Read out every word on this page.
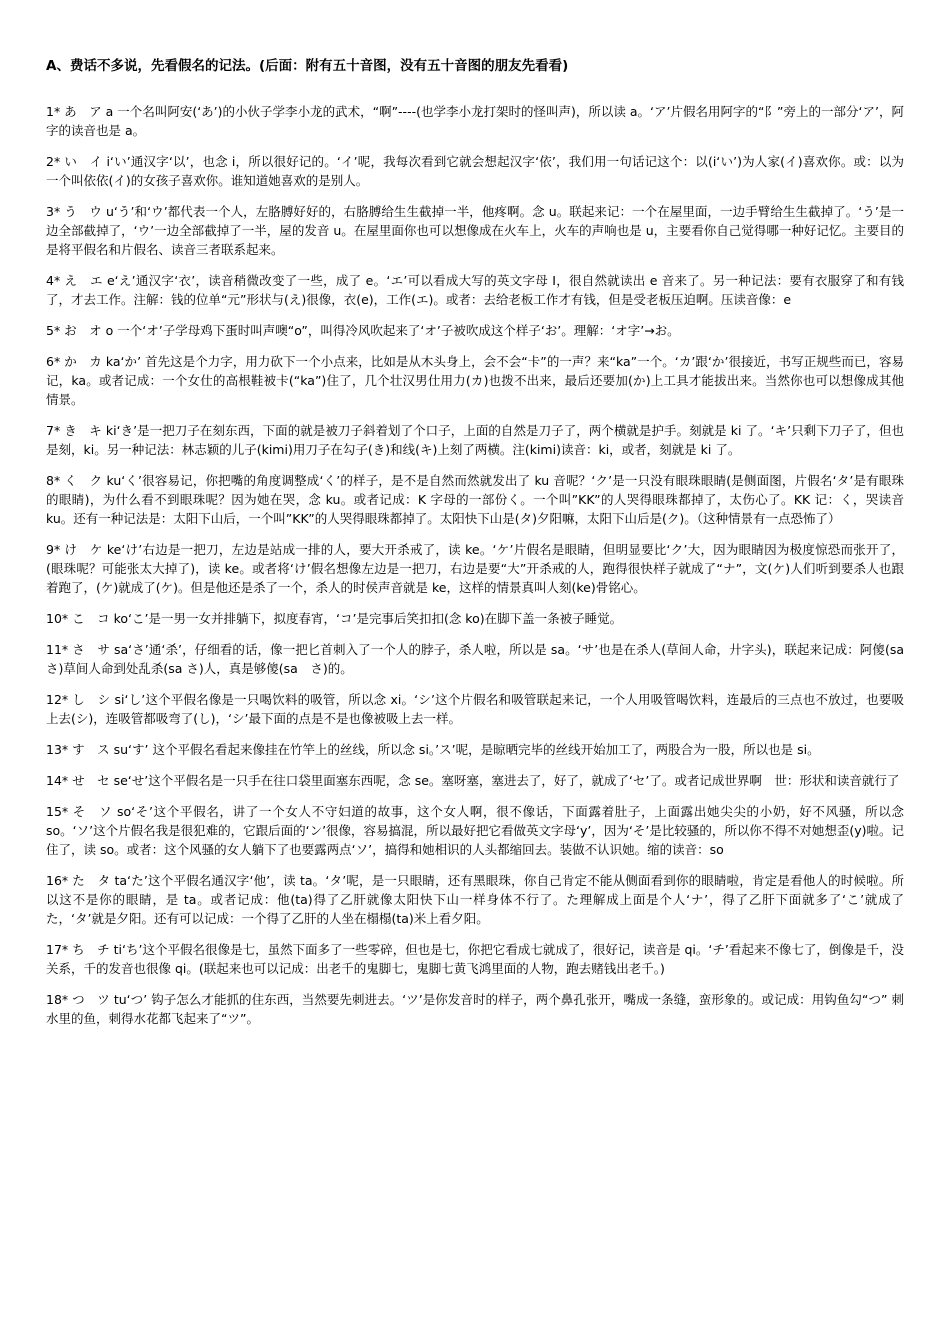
A、费话不多说，先看假名的记法。(后面：附有五十音图，没有五十音图的朋友先看看)
1* あ　ア a 一个名叫阿安(‘あ’)的小伙子学李小龙的武术，“啊”----(也学李小龙打架时的怪叫声)，所以读 a。‘ア’片假名用阿字的“阝”旁上的一部分‘ア’，阿字的读音也是 a。
2* い　イ i‘い’通汉字‘以’，也念 i，所以很好记的。‘イ’呢，我每次看到它就会想起汉字‘依’，我们用一句话记这个：以(i‘い’)为人家(イ)喜欢你。或：以为一个叫依依(イ)的女孩子喜欢你。谁知道她喜欢的是别人。
3* う　ウ u‘う’和‘ウ’都代表一个人，左胳膊好好的，右胳膊给生生截掉一半，他疼啊。念 u。联起来记：一个在屋里面，一边手臂给生生截掉了。‘う’是一边全部截掉了，‘ウ’一边全部截掉了一半，屋的发音 u。在屋里面你也可以想像成在火车上，火车的声响也是 u，主要看你自己觉得哪一种好记忆。主要目的是将平假名和片假名、读音三者联系起来。
4* え　エ e‘え’通汉字‘衣’，读音稍微改变了一些，成了 e。‘エ’可以看成大写的英文字母 I，很自然就读出 e 音来了。另一种记法：要有衣服穿了和有钱了，才去工作。注解：钱的位单“元”形状与(え)很像，衣(e)，工作(エ)。或者：去给老板工作才有钱，但是受老板压迫啊。压读音像：e
5* お　オ o 一个‘オ’子学母鸡下蛋时叫声噢“o”，叫得冷风吹起来了‘オ’子被吹成这个样子‘お’。理解：‘オ字’→お。
6* か　カ ka‘か’ 首先这是个力字，用力砍下一个小点来，比如是从木头身上，会不会“卡”的一声？来“ka”一个。‘カ’跟‘か’很接近，书写正规些而已，容易记，ka。或者记成：一个女仕的高根鞋被卡(“ka”)住了，几个壮汉男仕用力(カ)也拨不出来，最后还要加(か)上工具才能拔出来。当然你也可以想像成其他情景。
7* き　キ ki‘き’是一把刀子在刻东西，下面的就是被刀子斜着划了个口子，上面的自然是刀子了，两个横就是护手。刻就是 ki 了。‘キ’只剩下刀子了，但也是刻，ki。另一种记法：林志颖的儿子(kimi)用刀子在勾子(き)和线(キ)上刻了两横。注(kimi)读音：ki，或者，刻就是 ki 了。
8* く　ク ku‘く’很容易记，你把嘴的角度调整成‘く’的样子，是不是自然而然就发出了 ku 音呢？‘ク’是一只没有眼珠眼睛(是侧面图，片假名‘タ’是有眼珠的眼睛)，为什么看不到眼珠呢？因为她在哭，念 ku。或者记成：K 字母的一部份く。一个叫”KK”的人哭得眼珠都掉了，太伤心了。KK 记：く，哭读音 ku。还有一种记法是：太阳下山后，一个叫”KK”的人哭得眼珠都掉了。太阳快下山是(タ)夕阳嘛，太阳下山后是(ク)。（这种情景有一点恐怖了）
9* け　ケ ke‘け’右边是一把刀，左边是站成一排的人，要大开杀戒了，读 ke。‘ケ’片假名是眼睛，但明显要比‘ク’大，因为眼睛因为极度惊恐而张开了，(眼珠呢？可能张太大掉了)，读 ke。或者将‘け’假名想像左边是一把刀，右边是要“大”开杀戒的人，跑得很快样子就成了“ナ”，文(ケ)人们听到要杀人也跟着跑了，(ケ)就成了(ケ)。但是他还是杀了一个，杀人的时侯声音就是 ke，这样的情景真叫人刻(ke)骨铭心。
10* こ　コ ko‘こ’是一男一女并排躺下，拟度春宵，‘コ’是完事后笑扣扣(念 ko)在脚下盖一条被子睡觉。
11* さ　サ sa‘さ’通‘杀’，仔细看的话，像一把匕首刺入了一个人的脖子，杀人啦，所以是 sa。‘サ’也是在杀人(草间人命，廾字头)，联起来记成：阿傻(sa　さ)草间人命到处乱杀(sa さ)人，真是够傻(sa　さ)的。
12* し　シ si‘し’这个平假名像是一只喝饮料的吸管，所以念 xi。‘シ’这个片假名和吸管联起来记，一个人用吸管喝饮料，连最后的三点也不放过，也要吸上去(シ)，连吸管都吸弯了(し)，‘シ’最下面的点是不是也像被吸上去一样。
13* す　ス su‘す’ 这个平假名看起来像挂在竹竿上的丝线，所以念 si。’ス’呢，是晾晒完毕的丝线开始加工了，两股合为一股，所以也是 si。
14* せ　セ se‘せ’这个平假名是一只手在往口袋里面塞东西呢，念 se。塞呀塞，塞进去了，好了，就成了‘セ’了。或者记成世界啊　世：形状和读音就行了
15* そ　ソ so‘そ’这个平假名，讲了一个女人不守妇道的故事，这个女人啊，很不像话，下面露着肚子，上面露出她尖尖的小奶，好不风骚，所以念 so。‘ソ’这个片假名我是很犯难的，它跟后面的‘ン’很像，容易搞混，所以最好把它看做英文字母‘y’，因为‘そ’是比较骚的，所以你不得不对她想歪(y)啦。记住了，读 so。或者：这个风骚的女人躺下了也要露两点‘ソ’，搞得和她相识的人头都缩回去。装做不认识她。缩的读音：so
16* た　タ ta‘た’这个平假名通汉字‘他’，读 ta。‘タ’呢，是一只眼睛，还有黑眼珠，你自己肯定不能从侧面看到你的眼睛啦，肯定是看他人的时候啦。所以这不是你的眼睛，是 ta。或者记成：他(ta)得了乙肝就像太阳快下山一样身体不行了。た理解成上面是个人‘ナ’，得了乙肝下面就多了‘こ’就成了た，‘タ’就是夕阳。还有可以记成：一个得了乙肝的人坐在榻榻(ta)米上看夕阳。
17* ち　チ ti‘ち’这个平假名很像是七，虽然下面多了一些零碎，但也是七，你把它看成七就成了，很好记，读音是 qi。‘チ’看起来不像七了，倒像是千，没关系，千的发音也很像 qi。(联起来也可以记成：出老千的鬼脚七，鬼脚七黄飞鸿里面的人物，跑去赌钱出老千。)
18* つ　ツ tu‘つ’ 钩子怎么才能抓的住东西，当然要先刺进去。‘ツ’是你发音时的样子，两个鼻孔张开，嘴成一条缝，蛮形象的。或记成：用钩鱼勾“つ” 刺水里的鱼，刺得水花都飞起来了“ツ”。
